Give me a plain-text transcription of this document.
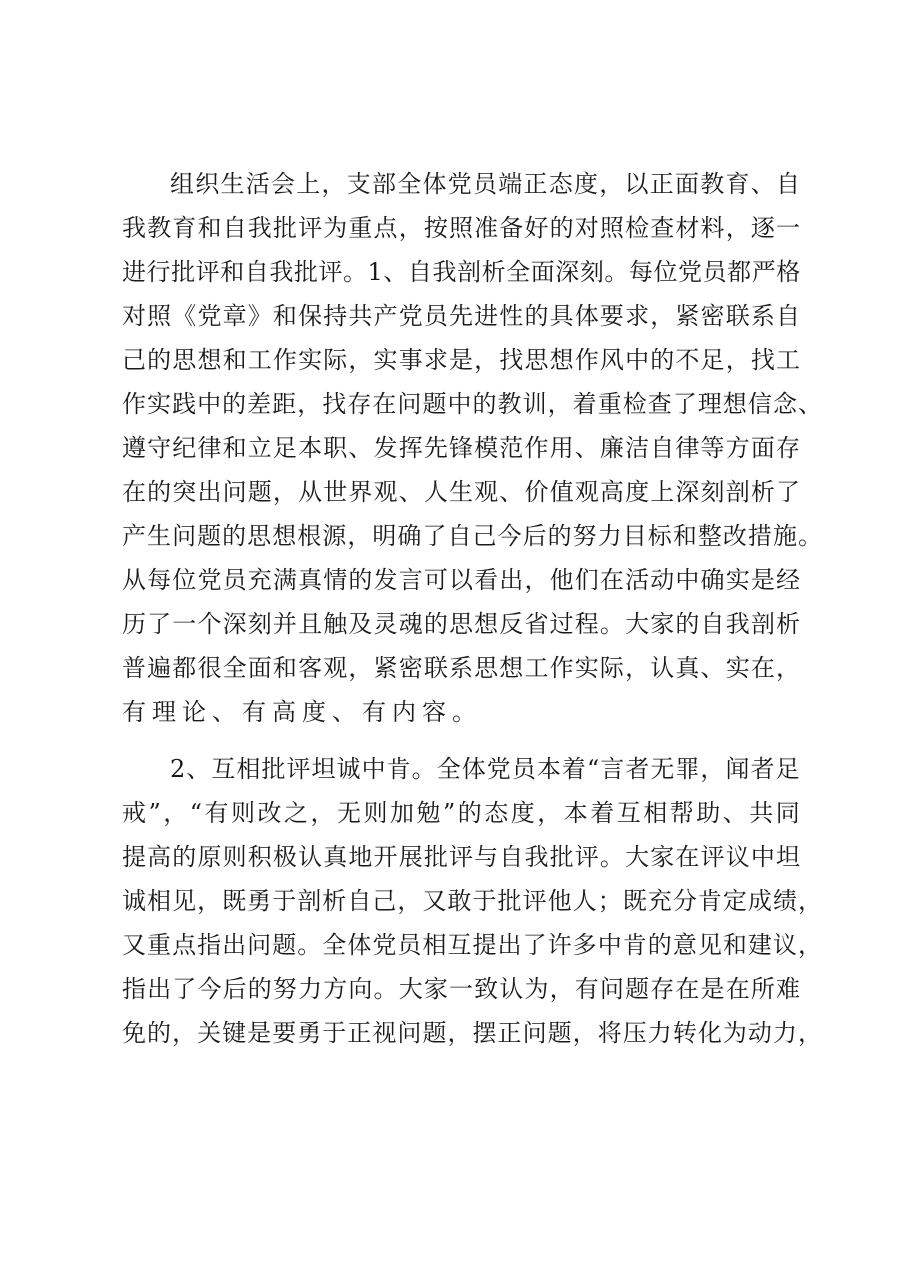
组织生活会上，支部全体党员端正态度，以正面教育、自

我教育和自我批评为重点，按照准备好的对照检查材料，逐一

进行批评和自我批评。1、自我剖析全面深刻。每位党员都严格

对照《党章》和保持共产党员先进性的具体要求，紧密联系自

己的思想和工作实际，实事求是，找思想作风中的不足，找工

作实践中的差距，找存在问题中的教训，着重检查了理想信念、

遵守纪律和立足本职、发挥先锋模范作用、廉洁自律等方面存

在的突出问题，从世界观、人生观、价值观高度上深刻剖析了

产生问题的思想根源，明确了自己今后的努力目标和整改措施。

从每位党员充满真情的发言可以看出，他们在活动中确实是经

历了一个深刻并且触及灵魂的思想反省过程。大家的自我剖析

普遍都很全面和客观，紧密联系思想工作实际，认真、实在，

有理论、有高度、有内容。

2、互相批评坦诚中肯。全体党员本着“言者无罪，闻者足

戒”，“有则改之，无则加勉”的态度，本着互相帮助、共同

提高的原则积极认真地开展批评与自我批评。大家在评议中坦

诚相见，既勇于剖析自己，又敢于批评他人；既充分肯定成绩，

又重点指出问题。全体党员相互提出了许多中肯的意见和建议，

指出了今后的努力方向。大家一致认为，有问题存在是在所难

免的，关键是要勇于正视问题，摆正问题，将压力转化为动力，
